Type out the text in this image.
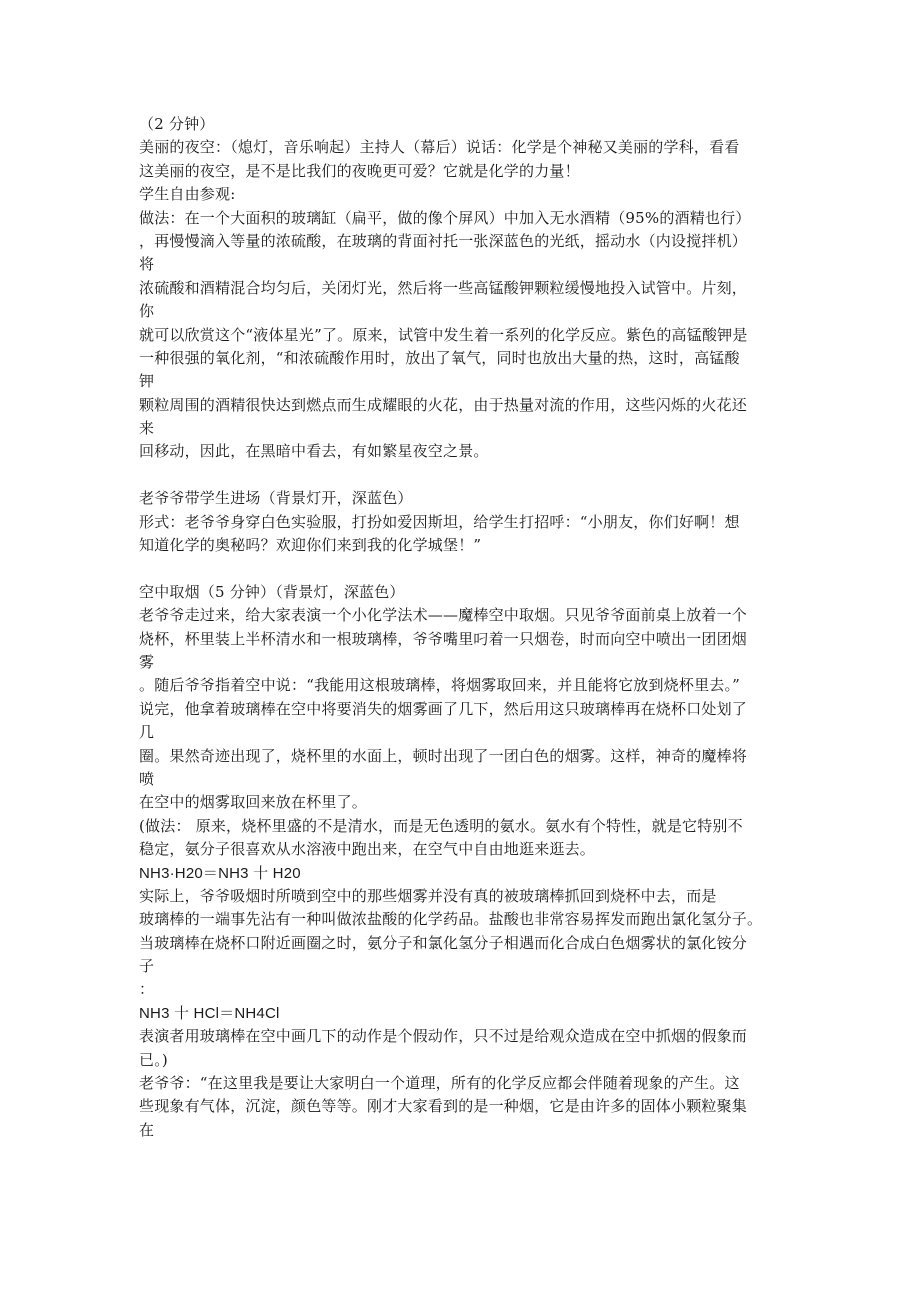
（2 分钟）
美丽的夜空：（熄灯，音乐响起）主持人（幕后）说话：化学是个神秘又美丽的学科，看看
这美丽的夜空，是不是比我们的夜晚更可爱？它就是化学的力量！
学生自由参观:
做法：在一个大面积的玻璃缸（扁平，做的像个屏风）中加入无水酒精（95%的酒精也行）
，再慢慢滴入等量的浓硫酸，在玻璃的背面衬托一张深蓝色的光纸，摇动水（内设搅拌机）
将
浓硫酸和酒精混合均匀后，关闭灯光，然后将一些高锰酸钾颗粒缓慢地投入试管中。片刻，
你
就可以欣赏这个“液体星光”了。原来，试管中发生着一系列的化学反应。紫色的高锰酸钾是
一种很强的氧化剂，“和浓硫酸作用时，放出了氧气，同时也放出大量的热，这时，高锰酸
钾
颗粒周围的酒精很快达到燃点而生成耀眼的火花，由于热量对流的作用，这些闪烁的火花还
来
回移动，因此，在黑暗中看去，有如繁星夜空之景。
老爷爷带学生进场（背景灯开，深蓝色）
形式：老爷爷身穿白色实验服，打扮如爱因斯坦，给学生打招呼：“小朋友，你们好啊！想
知道化学的奥秘吗？欢迎你们来到我的化学城堡！”
空中取烟（5 分钟）（背景灯，深蓝色）
老爷爷走过来，给大家表演一个小化学法术——魔棒空中取烟。只见爷爷面前桌上放着一个
烧杯，杯里装上半杯清水和一根玻璃棒，爷爷嘴里叼着一只烟卷，时而向空中喷出一团团烟
雾
。随后爷爷指着空中说：“我能用这根玻璃棒，将烟雾取回来，并且能将它放到烧杯里去。”
说完，他拿着玻璃棒在空中将要消失的烟雾画了几下，然后用这只玻璃棒再在烧杯口处划了
几
圈。果然奇迹出现了，烧杯里的水面上，顿时出现了一团白色的烟雾。这样，神奇的魔棒将
喷
在空中的烟雾取回来放在杯里了。
(做法： 原来，烧杯里盛的不是清水，而是无色透明的氨水。氨水有个特性，就是它特别不
稳定，氨分子很喜欢从水溶液中跑出来，在空气中自由地逛来逛去。
NH3·H20＝NH3 十 H20
实际上，爷爷吸烟时所喷到空中的那些烟雾并没有真的被玻璃棒抓回到烧杯中去，而是
玻璃棒的一端事先沾有一种叫做浓盐酸的化学药品。盐酸也非常容易挥发而跑出氯化氢分子。
当玻璃棒在烧杯口附近画圈之时，氨分子和氯化氢分子相遇而化合成白色烟雾状的氯化铵分
子
：
NH3 十 HCl＝NH4Cl
表演者用玻璃棒在空中画几下的动作是个假动作，只不过是给观众造成在空中抓烟的假象而
已。)
老爷爷：“在这里我是要让大家明白一个道理，所有的化学反应都会伴随着现象的产生。这
些现象有气体，沉淀，颜色等等。刚才大家看到的是一种烟，它是由许多的固体小颗粒聚集
在
